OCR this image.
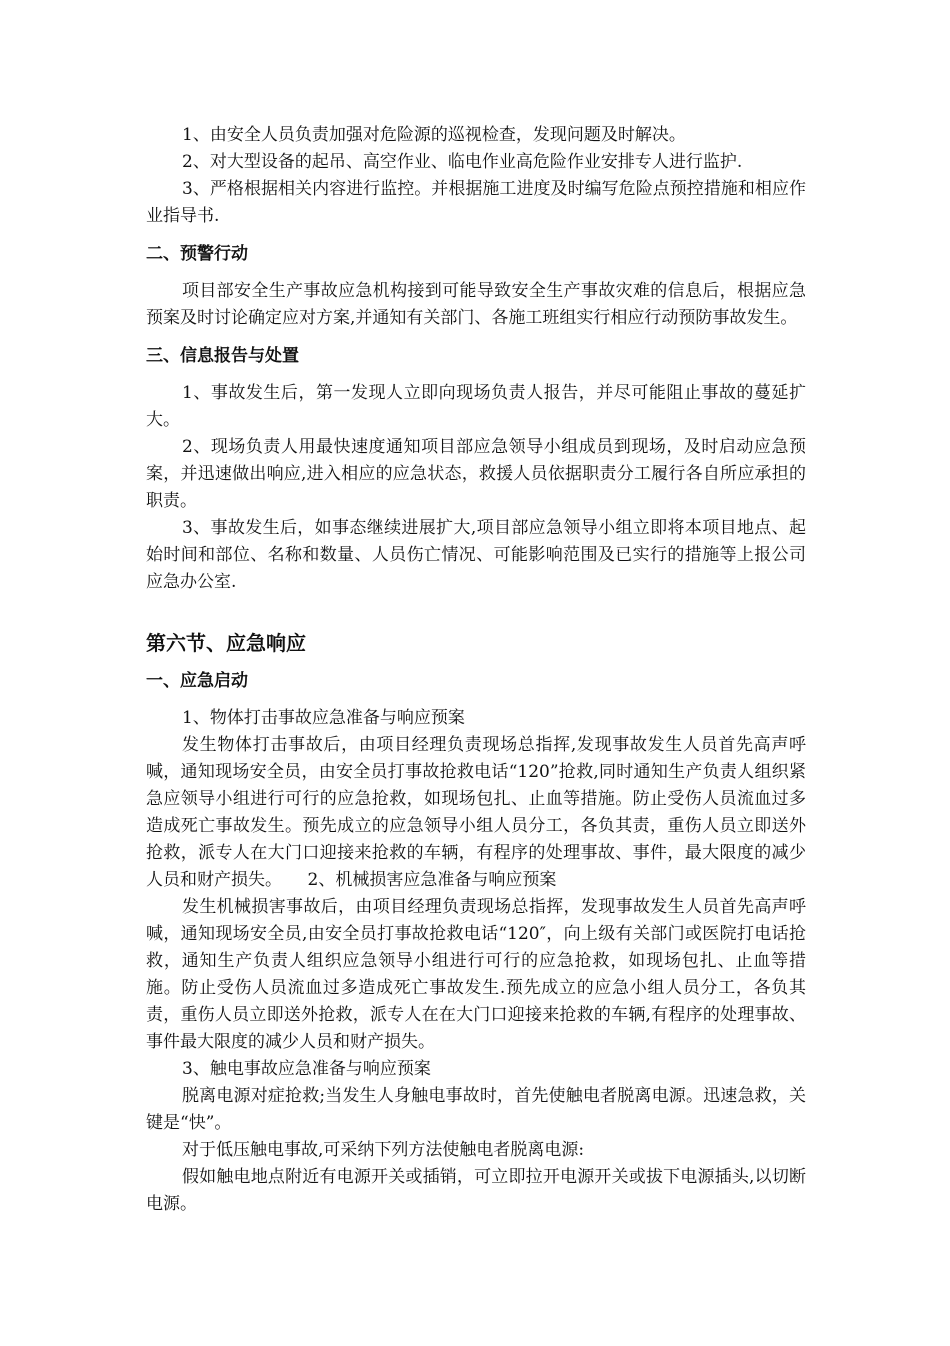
1、由安全人员负责加强对危险源的巡视检查，发现问题及时解决。

2、对大型设备的起吊、高空作业、临电作业高危险作业安排专人进行监护.

3、严格根据相关内容进行监控。并根据施工进度及时编写危险点预控措施和相应作业指导书.

二、预警行动

项目部安全生产事故应急机构接到可能导致安全生产事故灾难的信息后，根据应急预案及时讨论确定应对方案,并通知有关部门、各施工班组实行相应行动预防事故发生。

三、信息报告与处置

1、事故发生后，第一发现人立即向现场负责人报告，并尽可能阻止事故的蔓延扩大。

2、现场负责人用最快速度通知项目部应急领导小组成员到现场，及时启动应急预案，并迅速做出响应,进入相应的应急状态，救援人员依据职责分工履行各自所应承担的职责。

3、事故发生后，如事态继续进展扩大,项目部应急领导小组立即将本项目地点、起始时间和部位、名称和数量、人员伤亡情况、可能影响范围及已实行的措施等上报公司应急办公室.

第六节、应急响应
一、应急启动

1、物体打击事故应急准备与响应预案

发生物体打击事故后，由项目经理负责现场总指挥,发现事故发生人员首先高声呼喊，通知现场安全员，由安全员打事故抢救电话“120”抢救,同时通知生产负责人组织紧急应领导小组进行可行的应急抢救，如现场包扎、止血等措施。防止受伤人员流血过多造成死亡事故发生。预先成立的应急领导小组人员分工，各负其责，重伤人员立即送外抢救，派专人在大门口迎接来抢救的车辆，有程序的处理事故、事件，最大限度的减少人员和财产损失。　　2、机械损害应急准备与响应预案

发生机械损害事故后，由项目经理负责现场总指挥，发现事故发生人员首先高声呼喊，通知现场安全员,由安全员打事故抢救电话“120″，向上级有关部门或医院打电话抢救，通知生产负责人组织应急领导小组进行可行的应急抢救，如现场包扎、止血等措施。防止受伤人员流血过多造成死亡事故发生.预先成立的应急小组人员分工，各负其责，重伤人员立即送外抢救，派专人在在大门口迎接来抢救的车辆,有程序的处理事故、事件最大限度的减少人员和财产损失。

3、触电事故应急准备与响应预案

脱离电源对症抢救;当发生人身触电事故时，首先使触电者脱离电源。迅速急救，关键是“快”。

对于低压触电事故,可采纳下列方法使触电者脱离电源:

假如触电地点附近有电源开关或插销，可立即拉开电源开关或拔下电源插头,以切断电源。
